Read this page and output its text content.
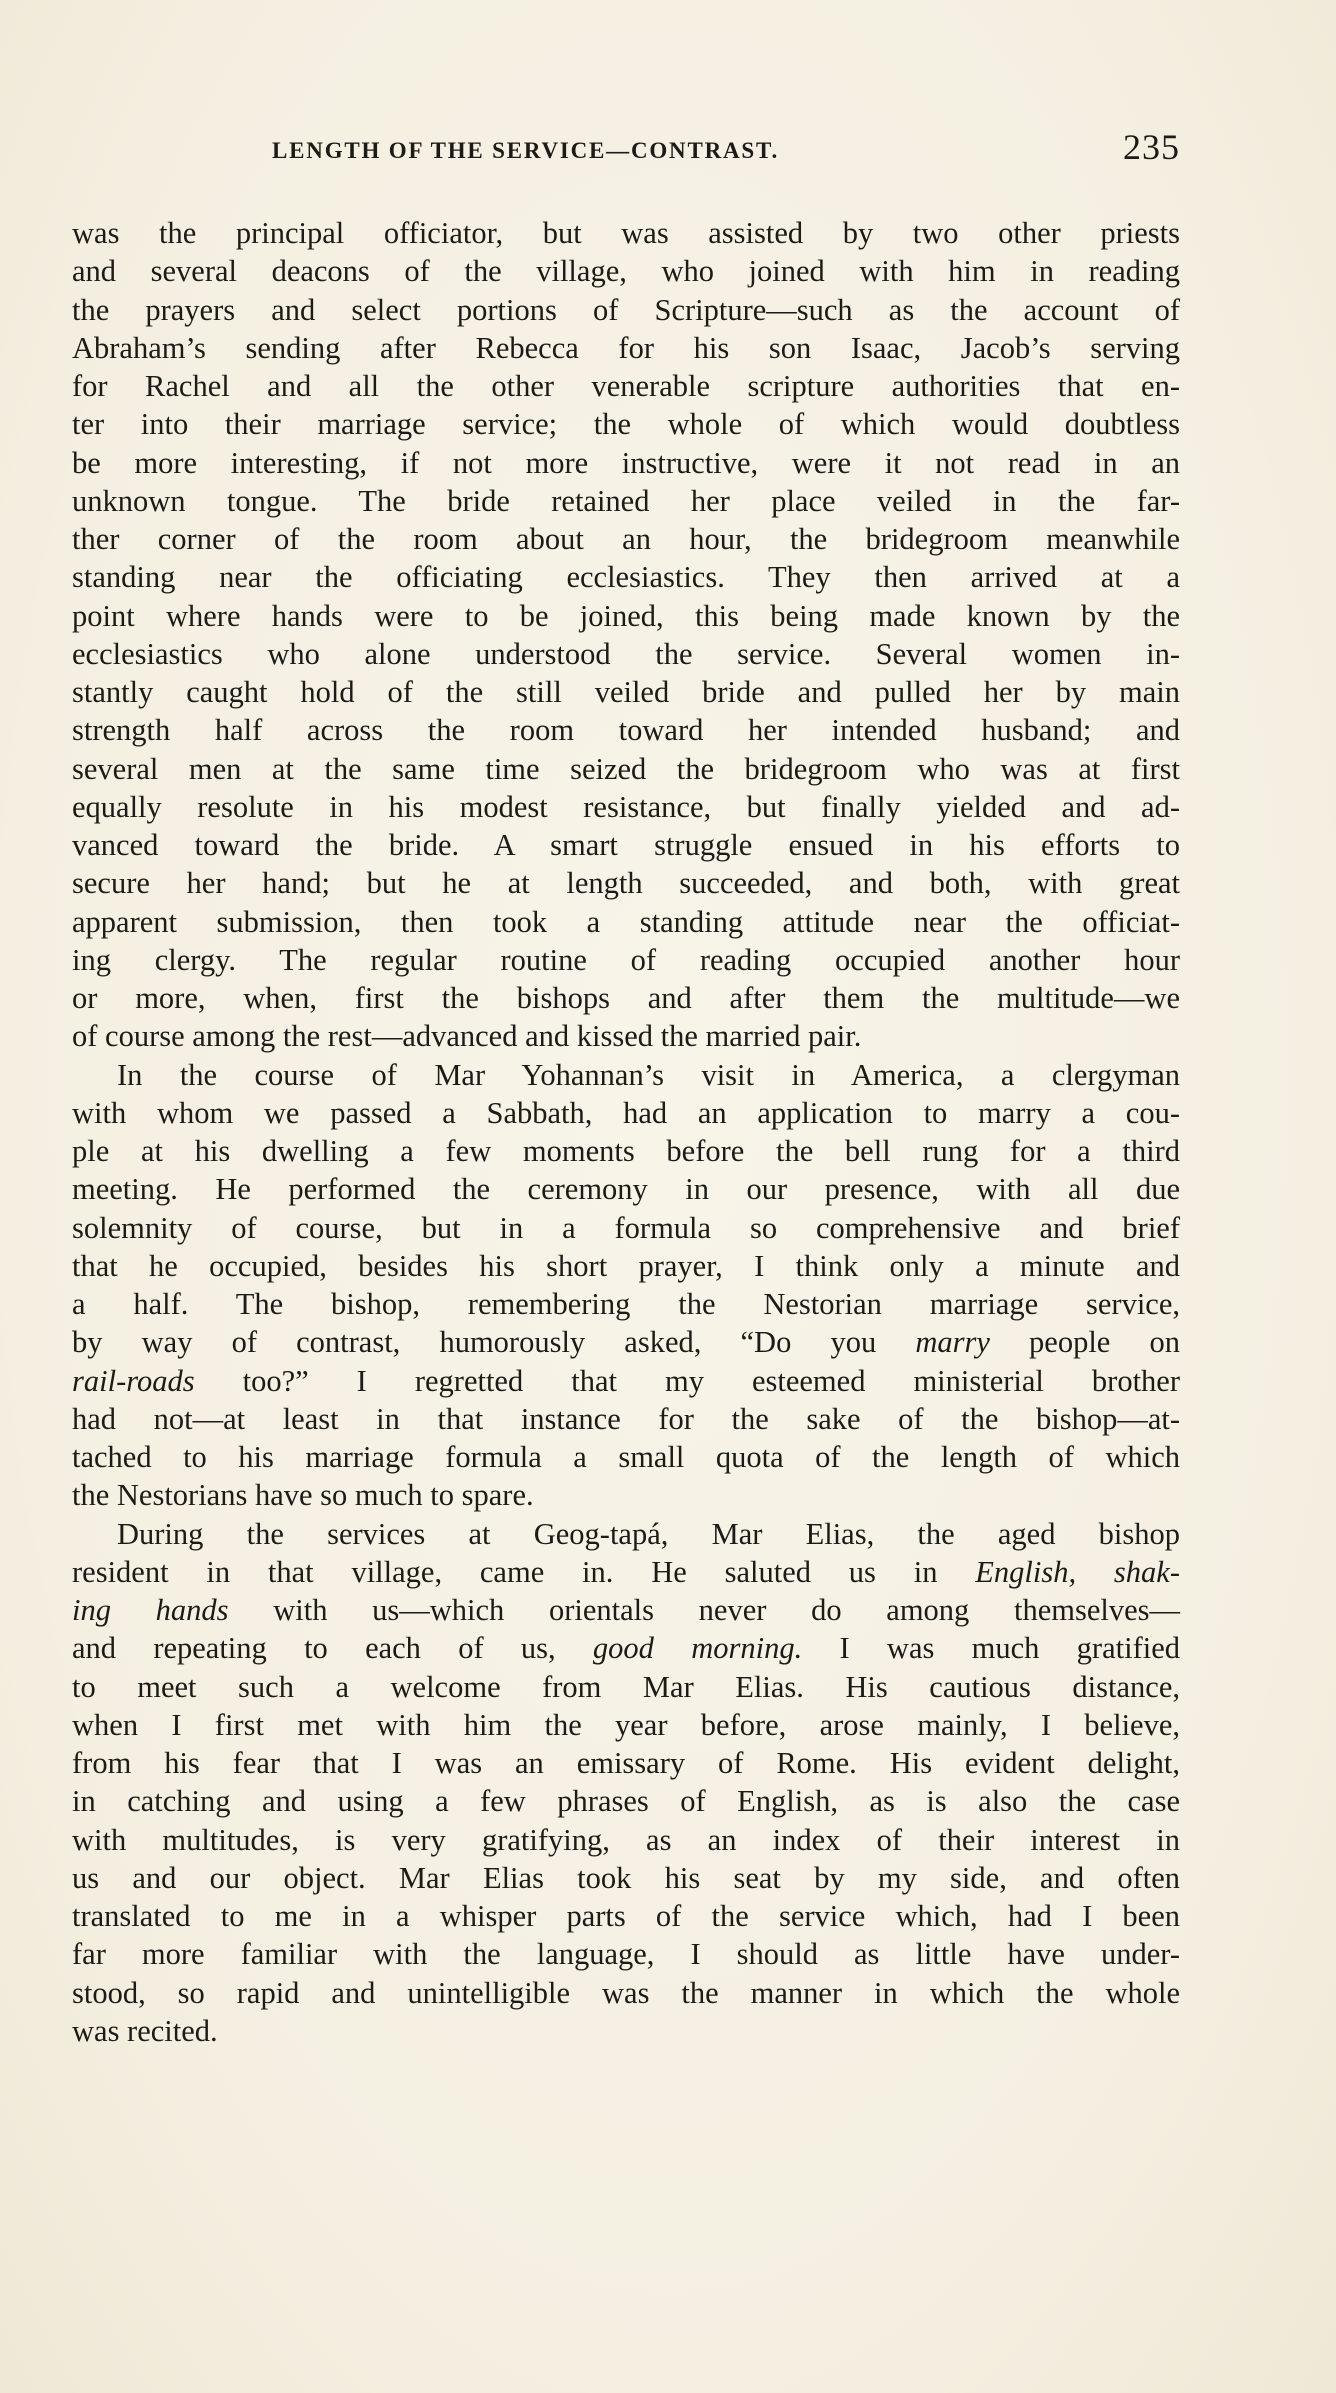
LENGTH OF THE SERVICE—CONTRAST.	235
was the principal officiator, but was assisted by two other priests
and several deacons of the village, who joined with him in reading
the prayers and select portions of Scripture—such as the account of
Abraham’s sending after Rebecca for his son Isaac, Jacob’s serving
for Rachel and all the other venerable scripture authorities that en-
ter into their marriage service; the whole of which would doubtless
be more interesting, if not more instructive, were it not read in an
unknown tongue. The bride retained her place veiled in the far-
ther corner of the room about an hour, the bridegroom meanwhile
standing near the officiating ecclesiastics. They then arrived at a
point where hands were to be joined, this being made known by the
ecclesiastics who alone understood the service. Several women in-
stantly caught hold of the still veiled bride and pulled her by main
strength half across the room toward her intended husband; and
several men at the same time seized the bridegroom who was at first
equally resolute in his modest resistance, but finally yielded and ad-
vanced toward the bride. A smart struggle ensued in his efforts to
secure her hand; but he at length succeeded, and both, with great
apparent submission, then took a standing attitude near the officiat-
ing clergy. The regular routine of reading occupied another hour
or more, when, first the bishops and after them the multitude—we
of course among the rest—advanced and kissed the married pair.
In the course of Mar Yohannan’s visit in America, a clergyman
with whom we passed a Sabbath, had an application to marry a cou-
ple at his dwelling a few moments before the bell rung for a third
meeting. He performed the ceremony in our presence, with all due
solemnity of course, but in a formula so comprehensive and brief
that he occupied, besides his short prayer, I think only a minute and
a half. The bishop, remembering the Nestorian marriage service,
by way of contrast, humorously asked, “Do you marry people on
rail-roads too?” I regretted that my esteemed ministerial brother
had not—at least in that instance for the sake of the bishop—at-
tached to his marriage formula a small quota of the length of which
the Nestorians have so much to spare.
During the services at Geog-tapá, Mar Elias, the aged bishop
resident in that village, came in. He saluted us in English, shak-
ing hands with us—which orientals never do among themselves—
and repeating to each of us, good morning. I was much gratified
to meet such a welcome from Mar Elias. His cautious distance,
when I first met with him the year before, arose mainly, I believe,
from his fear that I was an emissary of Rome. His evident delight,
in catching and using a few phrases of English, as is also the case
with multitudes, is very gratifying, as an index of their interest in
us and our object. Mar Elias took his seat by my side, and often
translated to me in a whisper parts of the service which, had I been
far more familiar with the language, I should as little have under-
stood, so rapid and unintelligible was the manner in which the whole
was recited.
